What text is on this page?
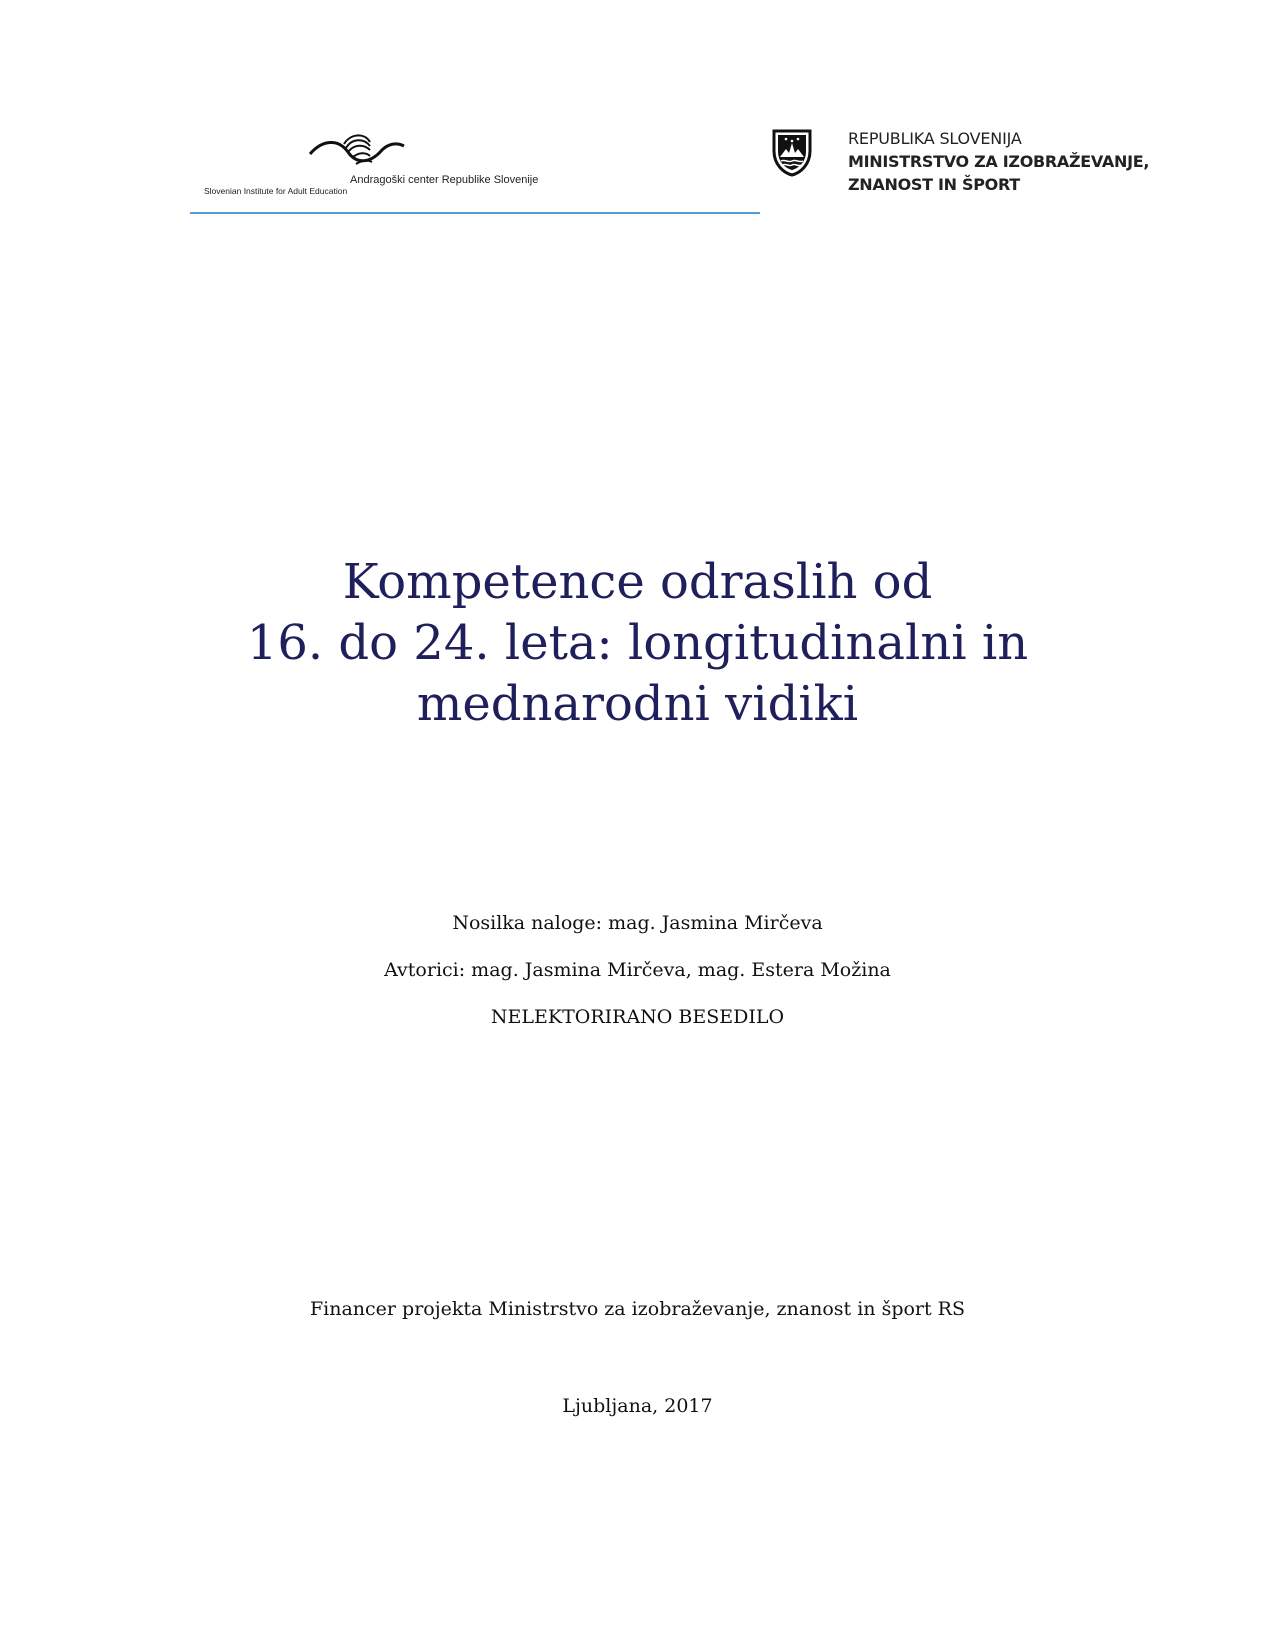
Andragoški center Republike Slovenije
Slovenian Institute for Adult Education
REPUBLIKA SLOVENIJA
MINISTRSTVO ZA IZOBRAŽEVANJE,
ZNANOST IN ŠPORT
Kompetence odraslih od
16. do 24. leta: longitudinalni in
mednarodni vidiki
Nosilka naloge: mag. Jasmina Mirčeva
Avtorici: mag. Jasmina Mirčeva, mag. Estera Možina
NELEKTORIRANO BESEDILO
Financer projekta Ministrstvo za izobraževanje, znanost in šport RS
Ljubljana, 2017
